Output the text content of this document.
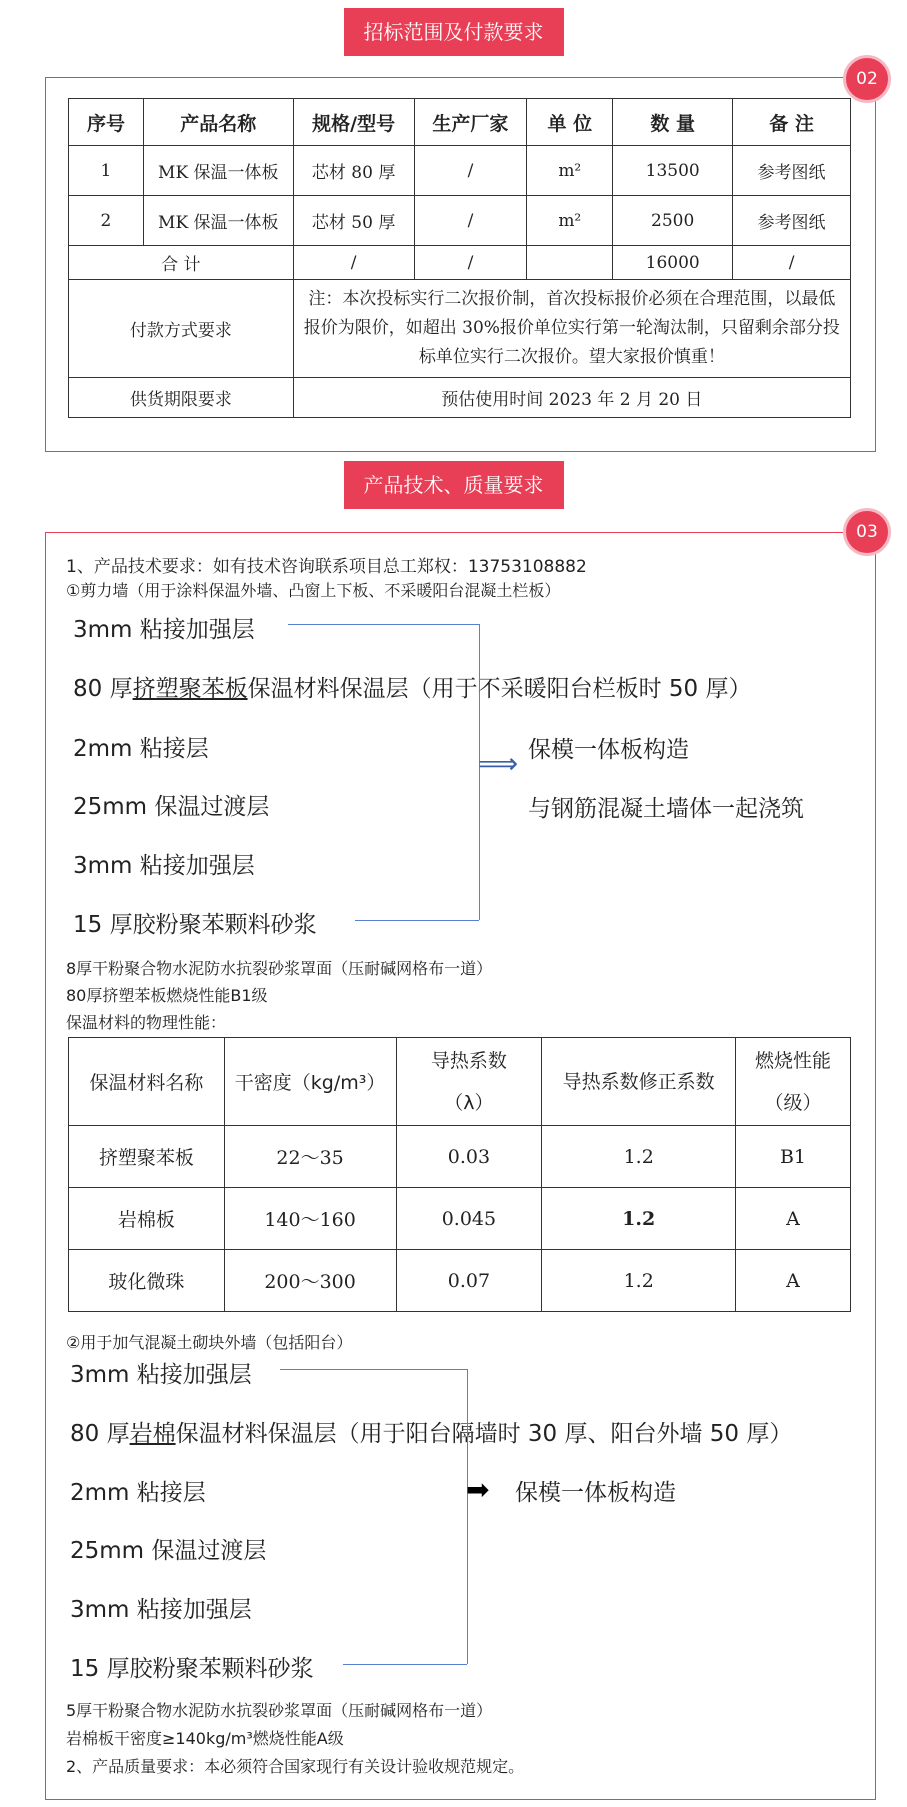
招标范围及付款要求
02
序号	产品名称	规格/型号	生产厂家	单 位	数 量	备 注
1	MK 保温一体板	芯材 80 厚	/	m²	13500	参考图纸
2	MK 保温一体板	芯材 50 厚	/	m²	2500	参考图纸
合 计		/	/		16000	/
付款方式要求		注：本次投标实行二次报价制，首次投标报价必须在合理范围，以最低报价为限价，如超出 30%报价单位实行第一轮淘汰制，只留剩余部分投标单位实行二次报价。望大家报价慎重！				
供货期限要求		预估使用时间 2023 年 2 月 20 日				
产品技术、质量要求
03
1、产品技术要求：如有技术咨询联系项目总工郑权：13753108882
①剪力墙（用于涂料保温外墙、凸窗上下板、不采暖阳台混凝土栏板）
3mm 粘接加强层
80 厚挤塑聚苯板保温材料保温层（用于不采暖阳台栏板时 50 厚）
2mm 粘接层
25mm 保温过渡层
3mm 粘接加强层
15 厚胶粉聚苯颗料砂浆
⟹ 保模一体板构造
与钢筋混凝土墙体一起浇筑
8厚干粉聚合物水泥防水抗裂砂浆罩面（压耐碱网格布一道）
80厚挤塑苯板燃烧性能B1级
保温材料的物理性能：
保温材料名称	干密度（kg/m³）	导热系数（λ）	导热系数修正系数	燃烧性能（级）
挤塑聚苯板	22～35	0.03	1.2	B1
岩棉板	140～160	0.045	1.2	A
玻化微珠	200～300	0.07	1.2	A
②用于加气混凝土砌块外墙（包括阳台）
3mm 粘接加强层
80 厚岩棉保温材料保温层（用于阳台隔墙时 30 厚、阳台外墙 50 厚）
2mm 粘接层
25mm 保温过渡层
3mm 粘接加强层
15 厚胶粉聚苯颗料砂浆
➡ 保模一体板构造
5厚干粉聚合物水泥防水抗裂砂浆罩面（压耐碱网格布一道）
岩棉板干密度≥140kg/m³燃烧性能A级
2、产品质量要求：本必须符合国家现行有关设计验收规范规定。
